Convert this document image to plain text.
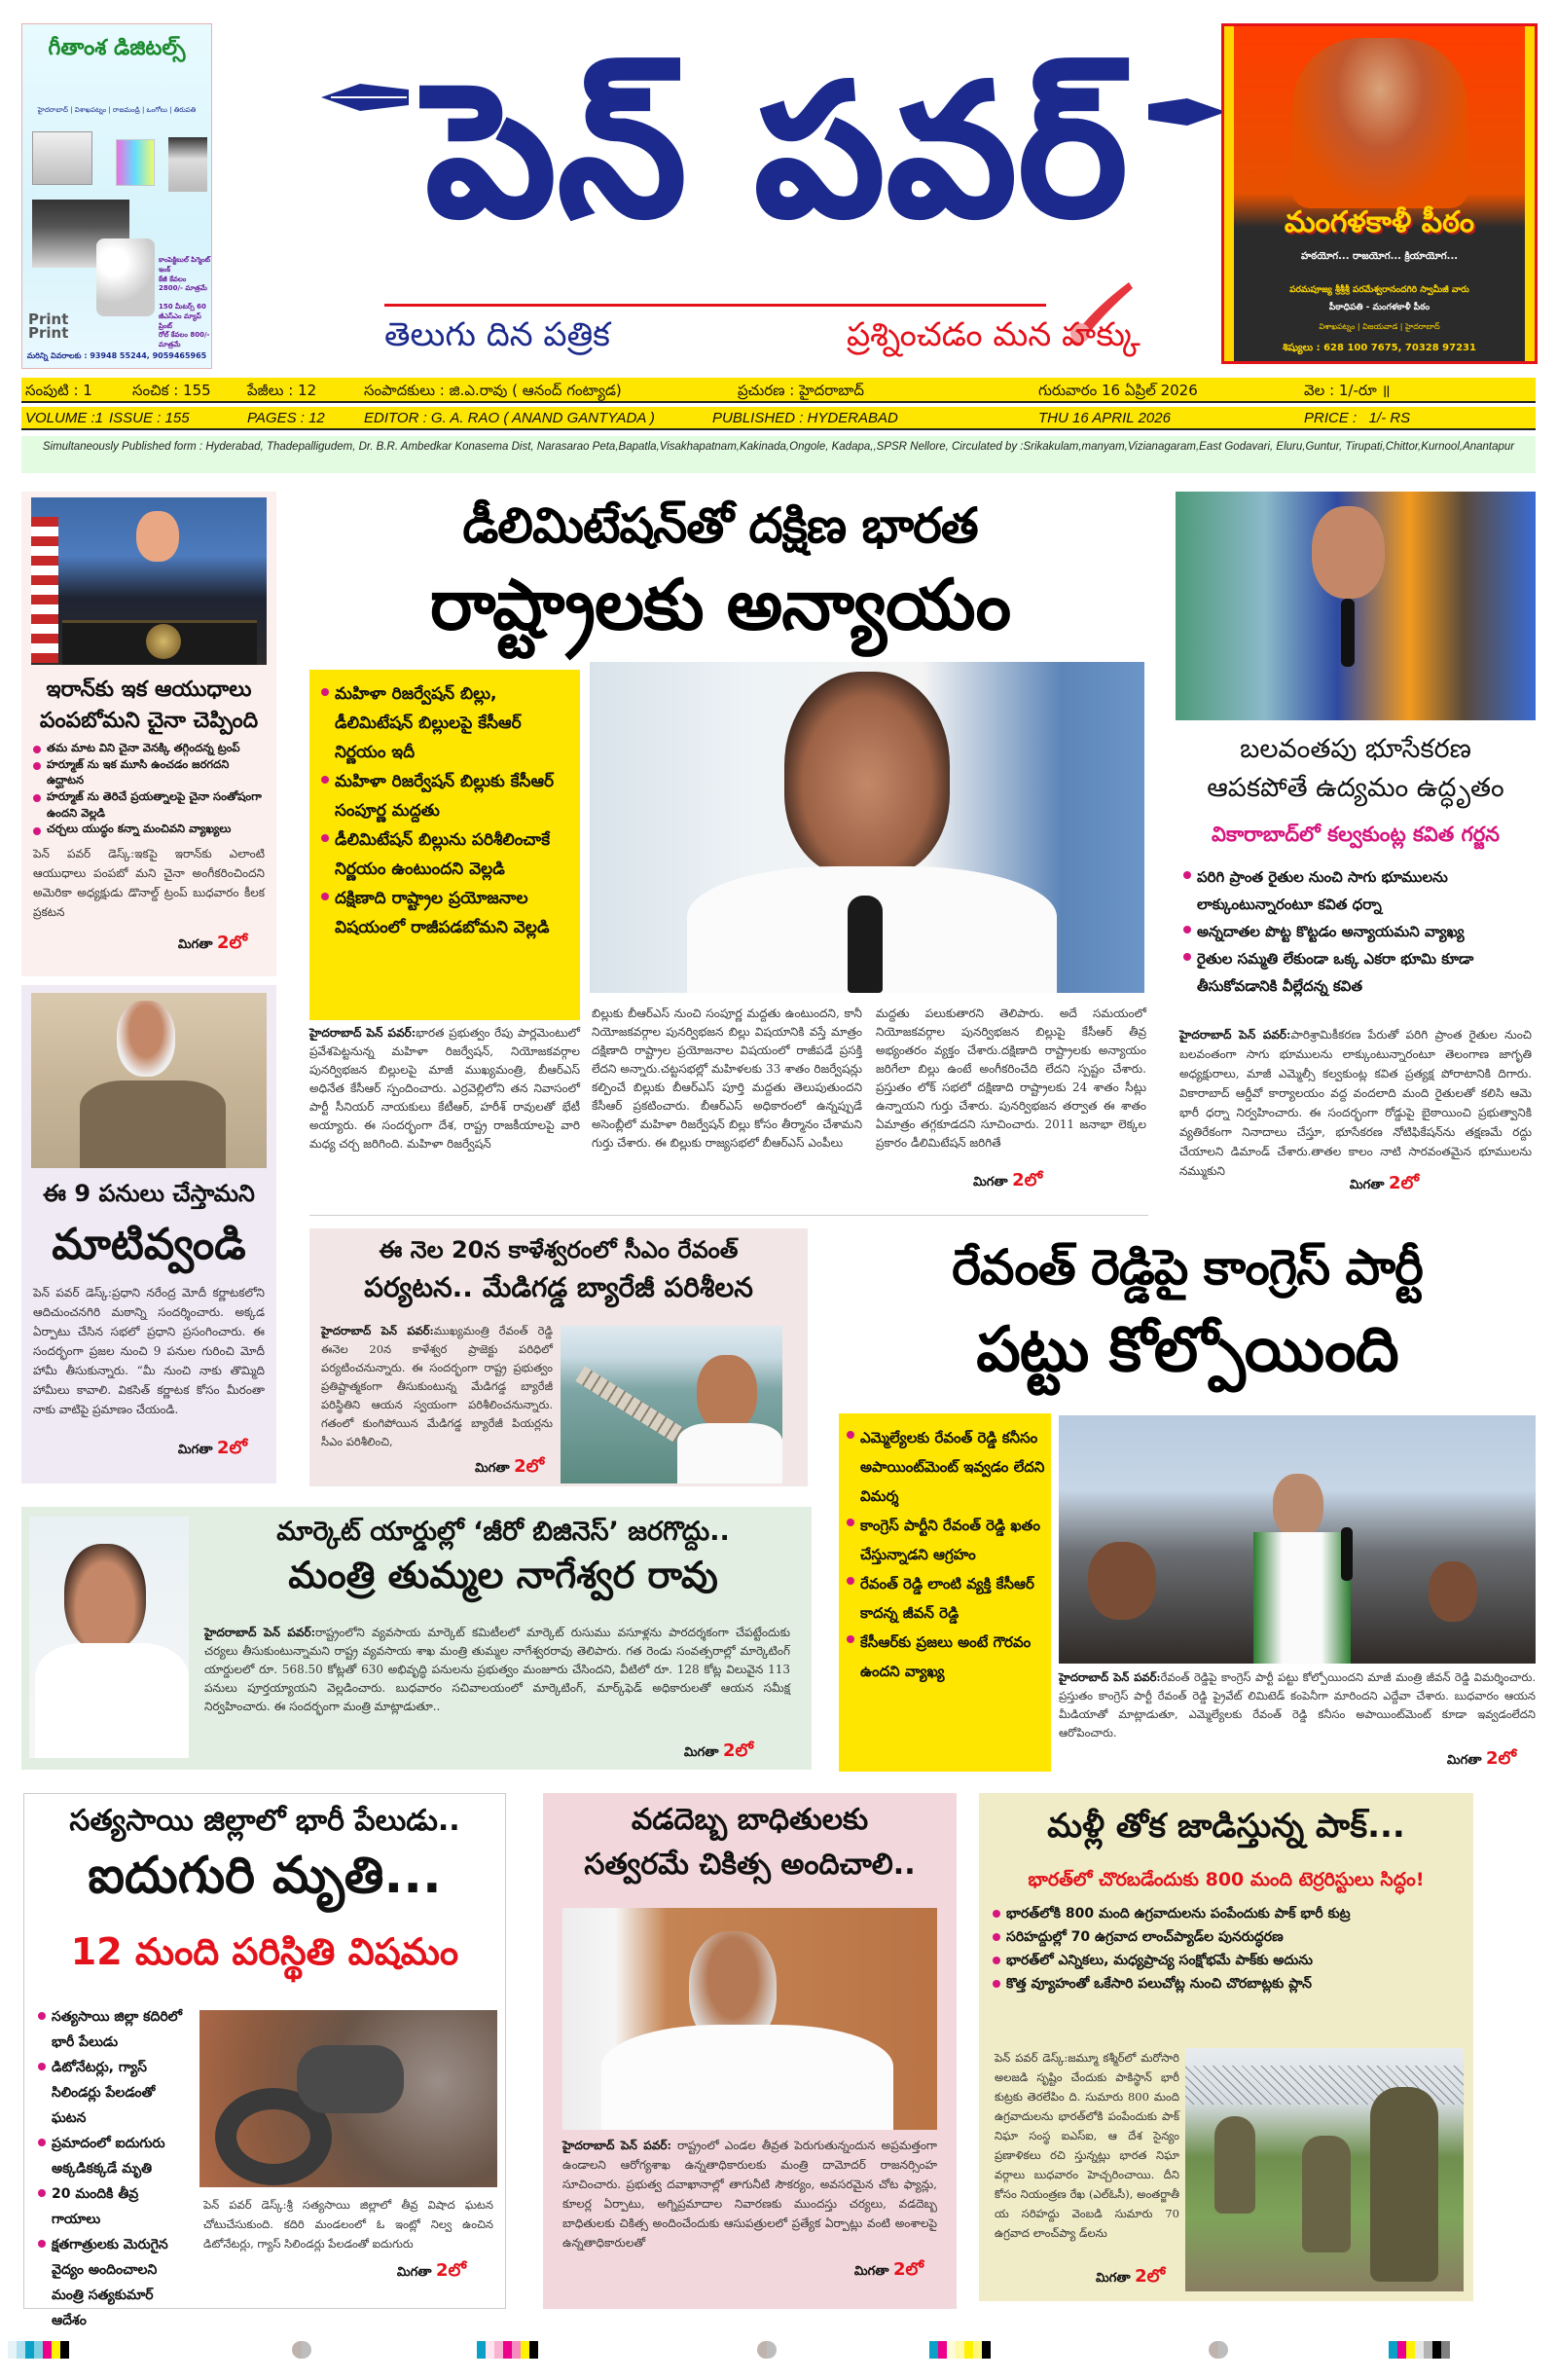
గీతాంశ డిజిటల్స్
హైదరాబాద్ | విశాఖపట్నం | రాజమండ్రి | ఒంగోలు | తిరుపతి
కాంపెక్టిబుల్ పిగ్మెంట్ ఇంక్
కేజీ కేవలం 2800/- మాత్రమే
150 మీటర్స్ 60 జీఎస్ఎం మ్యాప్ ప్రింట్
రోల్ కేవలం 800/- మాత్రమే
Print Print
మరిన్ని వివరాలకు : 93948 55244, 9059465965
పెన్ పవర్
తెలుగు దిన పత్రిక	ప్రశ్నించడం మన హక్కు
మంగళకాళీ పీఠం
హఠయోగ... రాజయోగ... క్రియాయోగ...
పరమపూజ్య శ్రీశ్రీశ్రీ పరమేశ్వరానందగిరి స్వామీజీ వారు
పీఠాధిపతి - మంగళకాళీ పీఠం
విశాఖపట్నం | విజయవాడ | హైదరాబాద్
శిష్యులు : 628 100 7675, 70328 97231
సంపుటి : 1	సంచిక : 155 పేజీలు : 12	సంపాదకులు : జి.ఎ.రావు ( ఆనంద్ గంట్యాడ)	ప్రచురణ : హైదరాబాద్	గురువారం 16 ఏప్రిల్ 2026	వెల : 1/-రూ ॥
VOLUME :1 ISSUE : 155	PAGES : 12	EDITOR : G. A. RAO ( ANAND GANTYADA )	PUBLISHED : HYDERABAD	THU 16 APRIL 2026	PRICE :   1/- RS
Simultaneously Published form : Hyderabad, Thadepalligudem, Dr. B.R. Ambedkar Konasema Dist, Narasarao Peta,Bapatla,Visakhapatnam,Kakinada,Ongole, Kadapa,,SPSR Nellore, Circulated by :Srikakulam,manyam,Vizianagaram,East Godavari, Eluru,Guntur, Tirupati,Chittor,Kurnool,Anantapur
ఇరాన్‌కు ఇక ఆయుధాలు పంపబోమని చైనా చెప్పింది
తమ మాట విని చైనా వెనక్కి తగ్గిందన్న ట్రంప్
హర్మూజ్ ను ఇక మూసి ఉంచడం జరగదని ఉద్ఘాటన
హర్మూజ్ ను తెరిచే ప్రయత్నాలపై చైనా సంతోషంగా ఉందని వెల్లడి
చర్చలు యుద్ధం కన్నా మంచివని వ్యాఖ్యలు
పెన్ పవర్ డెస్క్:ఇకపై ఇరాన్‌కు ఎలాంటి ఆయుధాలు పంపబో మని చైనా అంగీకరించిందని అమెరికా అధ్యక్షుడు డొనాల్డ్ ట్రంప్ బుధవారం కీలక ప్రకటన
మిగతా 2లో
డీలిమిటేషన్‌తో దక్షిణ భారత
రాష్ట్రాలకు అన్యాయం
మహిళా రిజర్వేషన్ బిల్లు, డీలిమిటేషన్ బిల్లులపై కేసీఆర్ నిర్ణయం ఇదీ
మహిళా రిజర్వేషన్ బిల్లుకు కేసీఆర్ సంపూర్ణ మద్దతు
డీలిమిటేషన్ బిల్లును పరిశీలించాకే నిర్ణయం ఉంటుందని వెల్లడి
దక్షిణాది రాష్ట్రాల ప్రయోజనాల విషయంలో రాజీపడబోమని వెల్లడి
హైదరాబాద్ పెన్ పవర్:భారత ప్రభుత్వం రేపు పార్లమెంటులో ప్రవేశపెట్టనున్న మహిళా రిజర్వేషన్, నియోజకవర్గాల పునర్విభజన బిల్లులపై మాజీ ముఖ్యమంత్రి, బీఆర్ఎస్ అధినేత కేసీఆర్ స్పందించారు. ఎర్రవెల్లిలోని తన నివాసంలో పార్టీ సీనియర్ నాయకులు కేటీఆర్, హరీశ్ రావులతో భేటీ అయ్యారు. ఈ సందర్భంగా దేశ, రాష్ట్ర రాజకీయాలపై వారి మధ్య చర్చ జరిగింది. మహిళా రిజర్వేషన్
బిల్లుకు బీఆర్ఎస్ నుంచి సంపూర్ణ మద్దతు ఉంటుందని, కానీ నియోజకవర్గాల పునర్విభజన బిల్లు విషయానికి వస్తే మాత్రం దక్షిణాది రాష్ట్రాల ప్రయోజనాల విషయంలో రాజీపడే ప్రసక్తి లేదని అన్నారు.చట్టసభల్లో మహిళలకు 33 శాతం రిజర్వేషన్లు కల్పించే బిల్లుకు బీఆర్ఎస్ పూర్తి మద్దతు తెలుపుతుందని కేసీఆర్ ప్రకటించారు. బీఆర్ఎస్ అధికారంలో ఉన్నప్పుడే అసెంబ్లీలో మహిళా రిజర్వేషన్ బిల్లు కోసం తీర్మానం చేశామని గుర్తు చేశారు. ఈ బిల్లుకు రాజ్యసభలో బీఆర్ఎస్ ఎంపీలు
మద్దతు పలుకుతారని తెలిపారు. అదే సమయంలో నియోజకవర్గాల పునర్విభజన బిల్లుపై కేసీఆర్ తీవ్ర అభ్యంతరం వ్యక్తం చేశారు.దక్షిణాది రాష్ట్రాలకు అన్యాయం జరిగేలా బిల్లు ఉంటే అంగీకరించేది లేదని స్పష్టం చేశారు. ప్రస్తుతం లోక్ సభలో దక్షిణాది రాష్ట్రాలకు 24 శాతం సీట్లు ఉన్నాయని గుర్తు చేశారు. పునర్విభజన తర్వాత ఈ శాతం ఏమాత్రం తగ్గకూడదని సూచించారు. 2011 జనాభా లెక్కల ప్రకారం డీలిమిటేషన్ జరిగితే
మిగతా 2లో
బలవంతపు భూసేకరణ ఆపకపోతే ఉద్యమం ఉద్ధృతం
వికారాబాద్‌లో కల్వకుంట్ల కవిత గర్జన
పరిగి ప్రాంత రైతుల నుంచి సాగు భూములను లాక్కుంటున్నారంటూ కవిత ధర్నా
అన్నదాతల పొట్ట కొట్టడం అన్యాయమని వ్యాఖ్య
రైతుల సమ్మతి లేకుండా ఒక్క ఎకరా భూమి కూడా తీసుకోవడానికి వీల్లేదన్న కవిత
హైదరాబాద్ పెన్ పవర్:పారిశ్రామికీకరణ పేరుతో పరిగి ప్రాంత రైతుల నుంచి బలవంతంగా సాగు భూములను లాక్కుంటున్నారంటూ తెలంగాణ జాగృతి అధ్యక్షురాలు, మాజీ ఎమ్మెల్సీ కల్వకుంట్ల కవిత ప్రత్యక్ష పోరాటానికి దిగారు. వికారాబాద్ ఆర్డీవో కార్యాలయం వద్ద వందలాది మంది రైతులతో కలిసి ఆమె భారీ ధర్నా నిర్వహించారు. ఈ సందర్భంగా రోడ్డుపై బైఠాయించి ప్రభుత్వానికి వ్యతిరేకంగా నినాదాలు చేస్తూ, భూసేకరణ నోటిఫికేషన్‌ను తక్షణమే రద్దు చేయాలని డిమాండ్ చేశారు.తాతల కాలం నాటి సారవంతమైన భూములను నమ్ముకుని
మిగతా 2లో
ఈ 9 పనులు చేస్తామని
మాటివ్వండి
పెన్ పవర్ డెస్క్:ప్రధాని నరేంద్ర మోదీ కర్ణాటకలోని ఆదిచుంచనగిరి మఠాన్ని సందర్శించారు. అక్కడ ఏర్పాటు చేసిన సభలో ప్రధాని ప్రసంగించారు. ఈ సందర్భంగా ప్రజల నుంచి 9 పనుల గురించి మోదీ హామీ తీసుకున్నారు. “మీ నుంచి నాకు తొమ్మిది హామీలు కావాలి. వికసిత్ కర్ణాటక కోసం మీరంతా నాకు వాటిపై ప్రమాణం చేయండి.
మిగతా 2లో
ఈ నెల 20న కాళేశ్వరంలో సీఎం రేవంత్
పర్యటన.. మేడిగడ్డ బ్యారేజీ పరిశీలన
హైదరాబాద్ పెన్ పవర్:ముఖ్యమంత్రి రేవంత్ రెడ్డి ఈనెల 20న కాళేశ్వర ప్రాజెక్టు పరిధిలో పర్యటించనున్నారు. ఈ సందర్భంగా రాష్ట్ర ప్రభుత్వం ప్రతిష్టాత్మకంగా తీసుకుంటున్న మేడిగడ్డ బ్యారేజీ పరిస్థితిని ఆయన స్వయంగా పరిశీలించనున్నారు. గతంలో కుంగిపోయిన మేడిగడ్డ బ్యారేజీ పియర్లను సీఎం పరిశీలించి,
మిగతా 2లో
రేవంత్ రెడ్డిపై కాంగ్రెస్ పార్టీ
పట్టు కోల్పోయింది
ఎమ్మెల్యేలకు రేవంత్ రెడ్డి కనీసం అపాయింట్‌మెంట్ ఇవ్వడం లేదని విమర్శ
కాంగ్రెస్ పార్టీని రేవంత్ రెడ్డి ఖతం చేస్తున్నాడని ఆగ్రహం
రేవంత్ రెడ్డి లాంటి వ్యక్తి కేసీఆర్ కాదన్న జీవన్ రెడ్డి
కేసీఆర్‌కు ప్రజలు అంటే గౌరవం ఉందని వ్యాఖ్య	హైదరాబాద్ పెన్ పవర్:రేవంత్ రెడ్డిపై కాంగ్రెస్ పార్టీ పట్టు కోల్పోయిందని మాజీ మంత్రి జీవన్ రెడ్డి విమర్శించారు. ప్రస్తుతం కాంగ్రెస్ పార్టీ రేవంత్ రెడ్డి ప్రైవేట్ లిమిటెడ్ కంపెనీగా మారిందని ఎద్దేవా చేశారు. బుధవారం ఆయన మీడియాతో మాట్లాడుతూ, ఎమ్మెల్యేలకు రేవంత్ రెడ్డి కనీసం అపాయింట్‌మెంట్ కూడా ఇవ్వడంలేదని ఆరోపించారు.
మిగతా 2లో
మార్కెట్ యార్డుల్లో ‘జీరో బిజినెస్’ జరగొద్దు..
మంత్రి తుమ్మల నాగేశ్వర రావు
హైదరాబాద్ పెన్ పవర్:రాష్ట్రంలోని వ్యవసాయ మార్కెట్ కమిటీలలో మార్కెట్ రుసుము వసూళ్లను పారదర్శకంగా చేపట్టేందుకు చర్యలు తీసుకుంటున్నామని రాష్ట్ర వ్యవసాయ శాఖ మంత్రి తుమ్మల నాగేశ్వరరావు తెలిపారు. గత రెండు సంవత్సరాల్లో మార్కెటింగ్ యార్డులలో రూ. 568.50 కోట్లతో 630 అభివృద్ధి పనులను ప్రభుత్వం మంజూరు చేసిందని, వీటిలో రూ. 128 కోట్ల విలువైన 113 పనులు పూర్తయ్యాయని వెల్లడించారు. బుధవారం సచివాలయంలో మార్కెటింగ్, మార్క్‌ఫెడ్ అధికారులతో ఆయన సమీక్ష నిర్వహించారు. ఈ సందర్భంగా మంత్రి మాట్లాడుతూ..
మిగతా 2లో
సత్యసాయి జిల్లాలో భారీ పేలుడు..
ఐదుగురి మృతి...
12 మంది పరిస్థితి విషమం
సత్యసాయి జిల్లా కదిరిలో భారీ పేలుడు
డిటోనేటర్లు, గ్యాస్ సిలిండర్లు పేలడంతో ఘటన
ప్రమాదంలో ఐదుగురు అక్కడికక్కడే మృతి
20 మందికి తీవ్ర గాయాలు
క్షతగాత్రులకు మెరుగైన వైద్యం అందించాలని మంత్రి సత్యకుమార్ ఆదేశం
పెన్ పవర్ డెస్క్:శ్రీ సత్యసాయి జిల్లాలో తీవ్ర విషాద ఘటన చోటుచేసుకుంది. కదిరి మండలంలో ఓ ఇంట్లో నిల్వ ఉంచిన డిటోనేటర్లు, గ్యాస్ సిలిండర్లు పేలడంతో ఐదుగురు
మిగతా 2లో
వడదెబ్బ బాధితులకు
సత్వరమే చికిత్స అందిచాలి..
హైదరాబాద్ పెన్ పవర్: రాష్ట్రంలో ఎండల తీవ్రత పెరుగుతున్నందున అప్రమత్తంగా ఉండాలని ఆరోగ్యశాఖ ఉన్నతాధికారులకు మంత్రి దామోదర్ రాజనర్సింహ సూచించారు. ప్రభుత్వ దవాఖానాల్లో తాగునీటి సౌకర్యం, అవసరమైన చోట ఫ్యాన్లు, కూలర్ల ఏర్పాటు, అగ్నిప్రమాదాల నివారణకు ముందస్తు చర్యలు, వడదెబ్బ బాధితులకు చికిత్స అందించేందుకు ఆసుపత్రులలో ప్రత్యేక ఏర్పాట్లు వంటి అంశాలపై ఉన్నతాధికారులతో
మిగతా 2లో
మళ్లీ తోక జాడిస్తున్న పాక్...
భారత్‌లో చొరబడేందుకు 800 మంది టెర్రరిస్టులు సిద్ధం!
భారత్‌లోకి 800 మంది ఉగ్రవాదులను పంపేందుకు పాక్ భారీ కుట్ర
సరిహద్దుల్లో 70 ఉగ్రవాద లాంచ్‌ప్యాడ్‌ల పునరుద్ధరణ
భారత్‌లో ఎన్నికలు, మధ్యప్రాచ్య సంక్షోభమే పాక్‌కు అదును
కొత్త వ్యూహంతో ఒకేసారి పలుచోట్ల నుంచి చొరబాట్లకు ప్లాన్
పెన్ పవర్ డెస్క్:జమ్మూ కశ్మీర్‌లో మరోసారి అలజడి సృష్టిం చేందుకు పాకిస్థాన్ భారీ కుట్రకు తెరలేపిం ది. సుమారు 800 మంది ఉగ్రవాదులను భారత్‌లోకి పంపేందుకు పాక్ నిఘా సంస్థ ఐఎస్ఐ, ఆ దేశ సైన్యం ప్రణాళికలు రచి స్తున్నట్లు భారత నిఘా వర్గాలు బుధవారం హెచ్చరించాయి. దీని కోసం నియంత్రణ రేఖ (ఎల్‌ఓసీ), అంతర్జాతీ య సరిహద్దు వెంబడి సుమారు 70 ఉగ్రవాద లాంచ్‌ప్యా డ్‌లను
మిగతా 2లో
